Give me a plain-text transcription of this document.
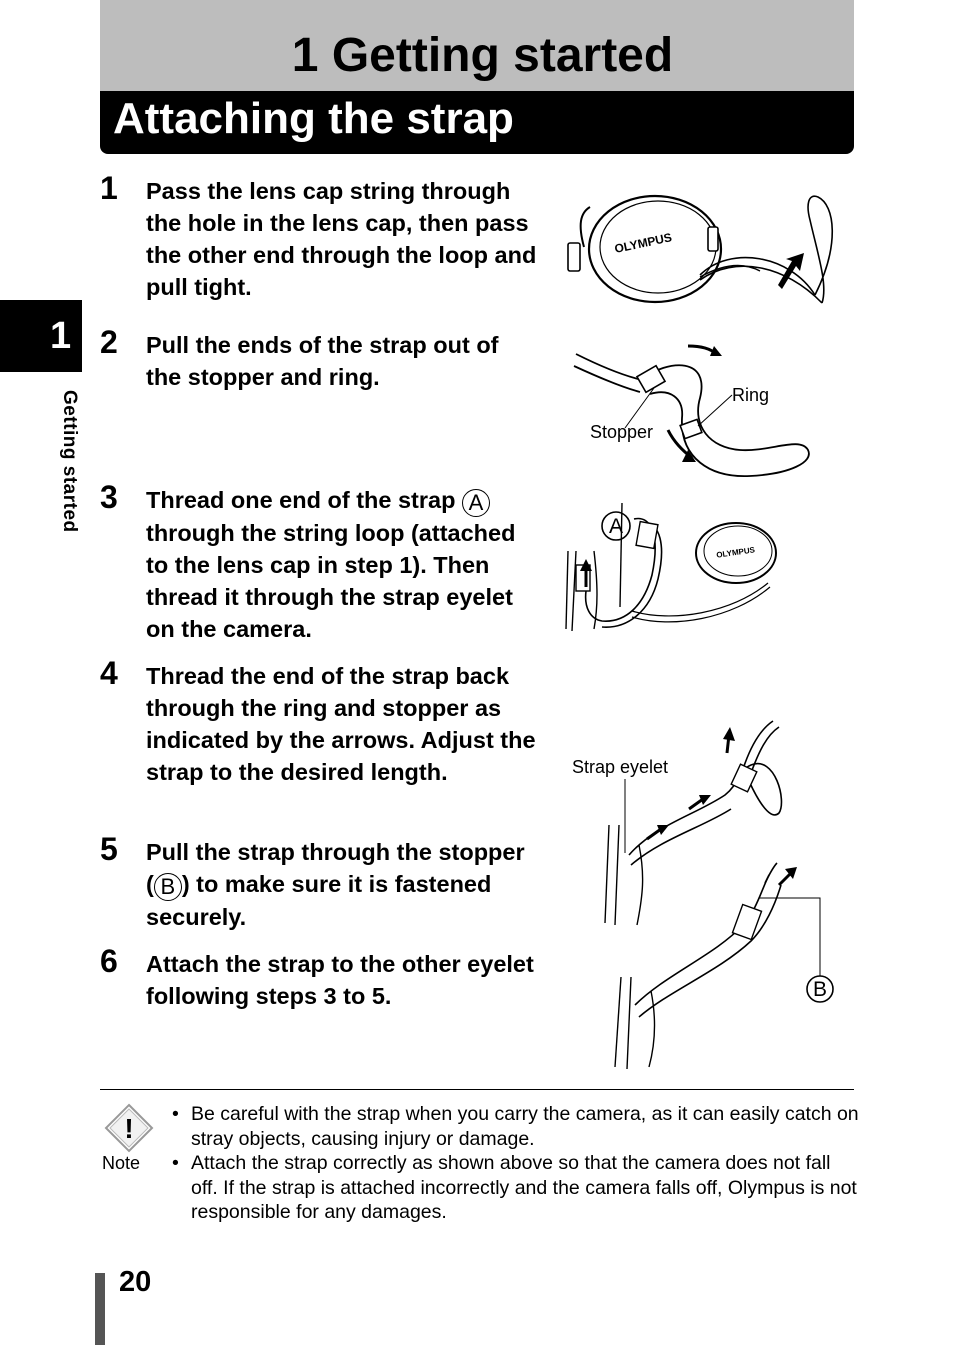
1 Getting started
Attaching the strap
1
Getting started
1 Pass the lens cap string through the hole in the lens cap, then pass the other end through the loop and pull tight.
2 Pull the ends of the strap out of the stopper and ring.
3 Thread one end of the strap A through the string loop (attached to the lens cap in step 1). Then thread it through the strap eyelet on the camera.
4 Thread the end of the strap back through the ring and stopper as indicated by the arrows. Adjust the strap to the desired length.
5 Pull the strap through the stopper ( B ) to make sure it is fastened securely.
6 Attach the strap to the other eyelet following steps 3 to 5.
OLYMPUS
Ring
Stopper
A
OLYMPUS
Strap eyelet
B
!
Note
• Be careful with the strap when you carry the camera, as it can easily catch on stray objects, causing injury or damage.
• Attach the strap correctly as shown above so that the camera does not fall off. If the strap is attached incorrectly and the camera falls off, Olympus is not responsible for any damages.
20
